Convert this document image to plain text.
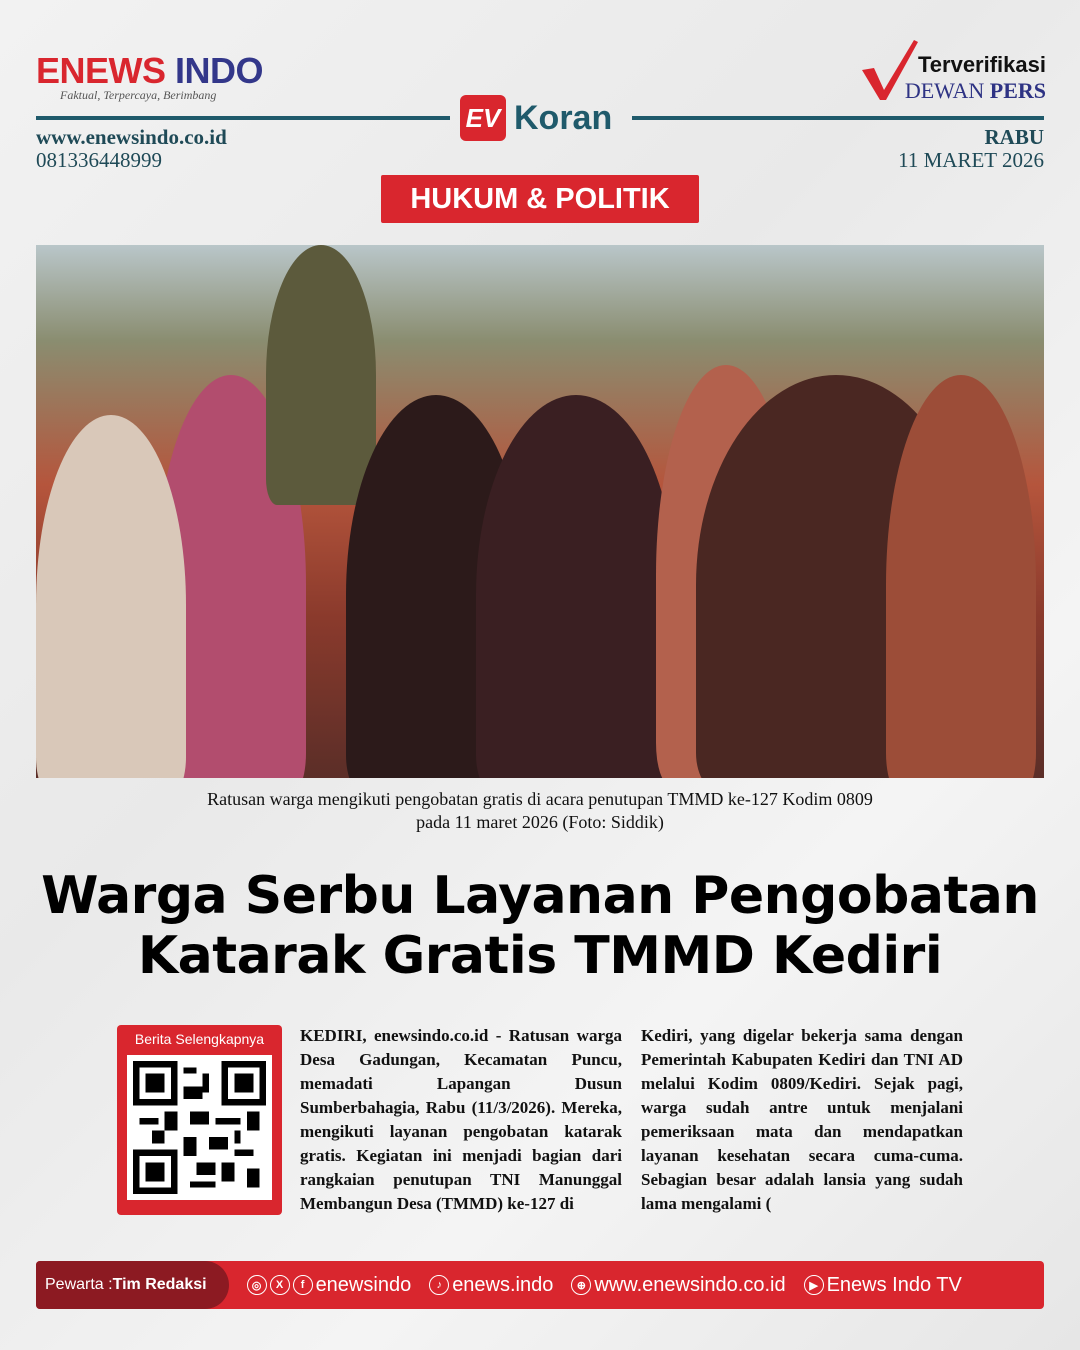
ENEWS INDO
Faktual, Terpercaya, Berimbang
Terverifikasi
DEWAN PERS
EV Koran
www.enewsindo.co.id
081336448999
RABU
11 MARET 2026
HUKUM & POLITIK
Ratusan warga mengikuti pengobatan gratis di acara penutupan TMMD ke-127 Kodim 0809
pada 11 maret 2026 (Foto: Siddik)
Warga Serbu Layanan Pengobatan
Katarak Gratis TMMD Kediri
Berita Selengkapnya	KEDIRI, enewsindo.co.id - Ratusan warga Desa Gadungan, Kecamatan Puncu, memadati Lapangan Dusun Sumberbahagia, Rabu (11/3/2026). Mereka, mengikuti layanan pengobatan katarak gratis. Kegiatan ini menjadi bagian dari rangkaian penutupan TNI Manunggal Membangun Desa (TMMD) ke-127 di
Kediri, yang digelar bekerja sama dengan Pemerintah Kabupaten Kediri dan TNI AD melalui Kodim 0809/Kediri. Sejak pagi, warga sudah antre untuk menjalani pemeriksaan mata dan mendapatkan layanan kesehatan secara cuma-cuma. Sebagian besar adalah lansia yang sudah lama mengalami (
Pewarta : Tim Redaksi	◎	X	f enewsindo	♪ enews.indo	⊕ www.enewsindo.co.id	▶ Enews Indo TV
